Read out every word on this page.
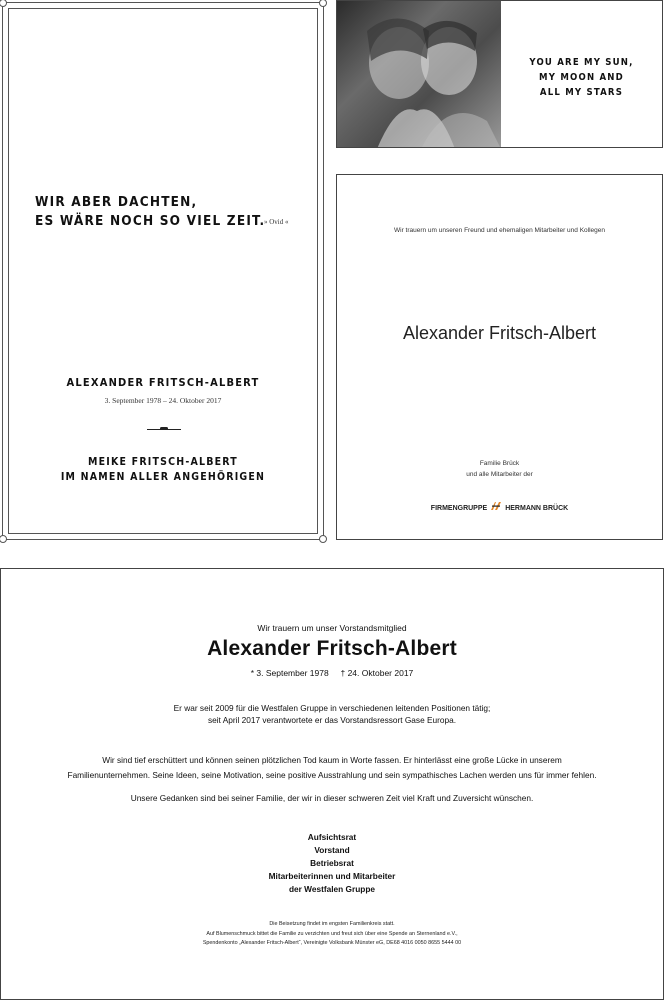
WIR ABER DACHTEN,
ES WÄRE NOCH SO VIEL ZEIT.
» Ovid «
ALEXANDER FRITSCH-ALBERT
3. September 1978 – 24. Oktober 2017
MEIKE FRITSCH-ALBERT
IM NAMEN ALLER ANGEHÖRIGEN
YOU ARE MY SUN,
MY MOON AND
ALL MY STARS
Wir trauern um unseren Freund und ehemaligen Mitarbeiter und Kollegen
Alexander Fritsch-Albert
Familie Brück
und alle Mitarbeiter der
FIRMENGRUPPE	HERMANN BRÜCK
Wir trauern um unser Vorstandsmitglied
Alexander Fritsch-Albert
* 3. September 1978     † 24. Oktober 2017
Er war seit 2009 für die Westfalen Gruppe in verschiedenen leitenden Positionen tätig;
seit April 2017 verantwortete er das Vorstandsressort Gase Europa.
Wir sind tief erschüttert und können seinen plötzlichen Tod kaum in Worte fassen. Er hinterlässt eine große Lücke in unserem
Familienunternehmen. Seine Ideen, seine Motivation, seine positive Ausstrahlung und sein sympathisches Lachen werden uns für immer fehlen.
Unsere Gedanken sind bei seiner Familie, der wir in dieser schweren Zeit viel Kraft und Zuversicht wünschen.
Aufsichtsrat
Vorstand
Betriebsrat
Mitarbeiterinnen und Mitarbeiter
der Westfalen Gruppe
Die Beisetzung findet im engsten Familienkreis statt.
Auf Blumenschmuck bittet die Familie zu verzichten und freut sich über eine Spende an Sternenland e.V.,
Spendenkonto „Alexander Fritsch-Albert“, Vereinigte Volksbank Münster eG, DE68 4016 0050 8655 5444 00
